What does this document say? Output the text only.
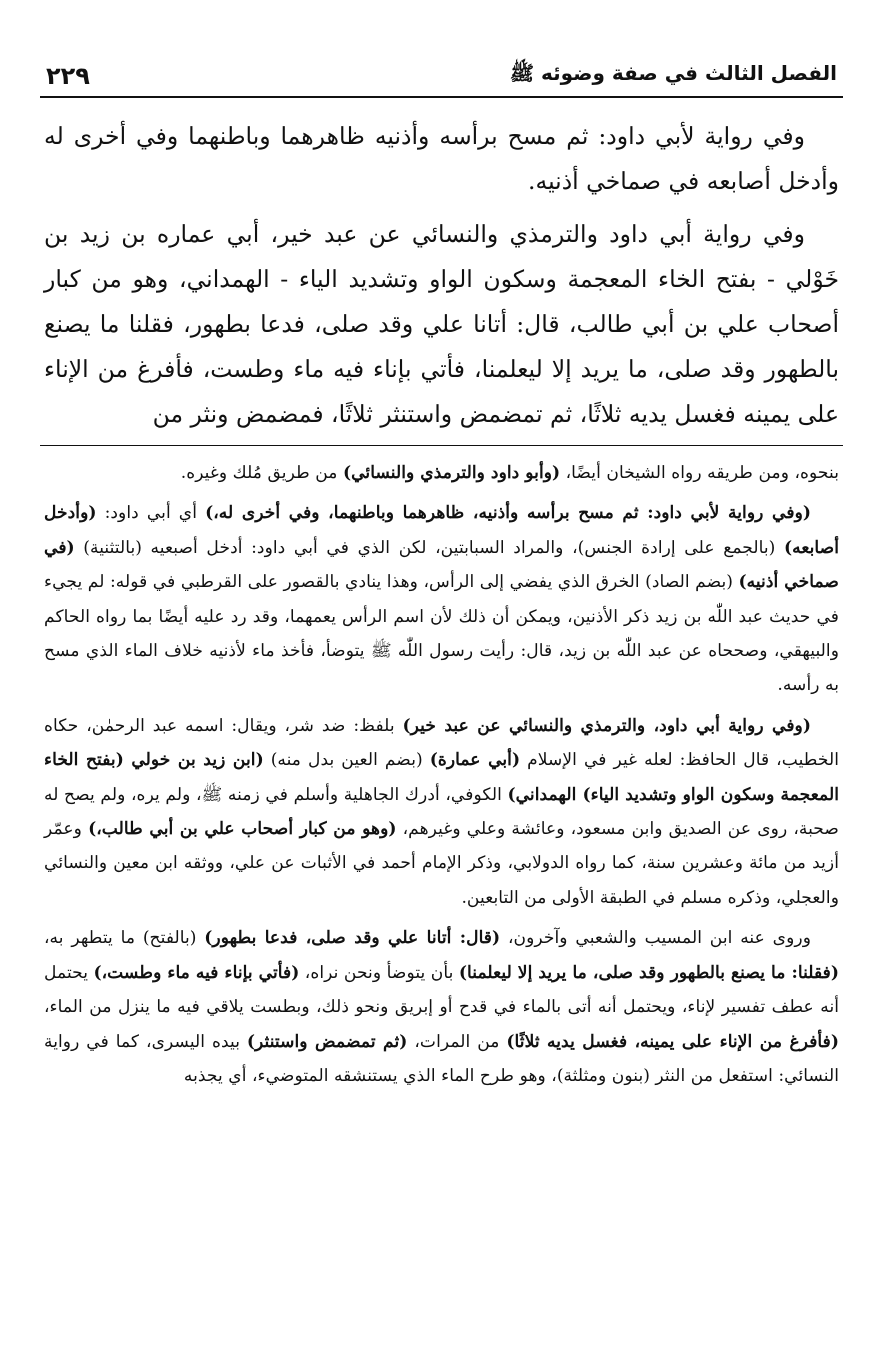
الفصل الثالث في صفة وضوئه ﷺ
٢٢٩

وفي رواية لأبي داود: ثم مسح برأسه وأذنيه ظاهرهما وباطنهما وفي أخرى له وأدخل أصابعه في صماخي أذنيه.

وفي رواية أبي داود والترمذي والنسائي عن عبد خير، أبي عماره بن زيد بن خَوْلي - بفتح الخاء المعجمة وسكون الواو وتشديد الياء - الهمداني، وهو من كبار أصحاب علي بن أبي طالب، قال: أتانا علي وقد صلى، فدعا بطهور، فقلنا ما يصنع بالطهور وقد صلى، ما يريد إلا ليعلمنا، فأتي بإناء فيه ماء وطست، فأفرغ من الإناء على يمينه فغسل يديه ثلاثًا، ثم تمضمض واستنثر ثلاثًا، فمضمض ونثر من

بنحوه، ومن طريقه رواه الشيخان أيضًا، (وأبو داود والترمذي والنسائي) من طريق مُلك وغيره.

(وفي رواية لأبي داود: ثم مسح برأسه وأذنيه، ظاهرهما وباطنهما، وفي أخرى له،) أي أبي داود: (وأدخل أصابعه) (بالجمع على إرادة الجنس)، والمراد السبابتين، لكن الذي في أبي داود: أدخل أصبعيه (بالتثنية) (في صماخي أذنيه) (بضم الصاد) الخرق الذي يفضي إلى الرأس، وهذا ينادي بالقصور على القرطبي في قوله: لم يجيء في حديث عبد اللّٰه بن زيد ذكر الأذنين، ويمكن أن ذلك لأن اسم الرأس يعمهما، وقد رد عليه أيضًا بما رواه الحاكم والبيهقي، وصححاه عن عبد اللّٰه بن زيد، قال: رأيت رسول اللّٰه ﷺ يتوضأ، فأخذ ماء لأذنيه خلاف الماء الذي مسح به رأسه.

(وفي رواية أبي داود، والترمذي والنسائي عن عبد خير) بلفظ: ضد شر، ويقال: اسمه عبد الرحمٰن، حكاه الخطيب، قال الحافظ: لعله غير في الإسلام (أبي عمارة) (بضم العين بدل منه) (ابن زيد بن خولي (بفتح الخاء المعجمة وسكون الواو وتشديد الياء) الهمداني) الكوفي، أدرك الجاهلية وأسلم في زمنه ﷺ، ولم يره، ولم يصح له صحبة، روى عن الصديق وابن مسعود، وعائشة وعلي وغيرهم، (وهو من كبار أصحاب علي بن أبي طالب،) وعمّر أزيد من مائة وعشرين سنة، كما رواه الدولابي، وذكر الإمام أحمد في الأثبات عن علي، ووثقه ابن معين والنسائي والعجلي، وذكره مسلم في الطبقة الأولى من التابعين.

وروى عنه ابن المسيب والشعبي وآخرون، (قال: أتانا علي وقد صلى، فدعا بطهور) (بالفتح) ما يتطهر به، (فقلنا: ما يصنع بالطهور وقد صلى، ما يريد إلا ليعلمنا) بأن يتوضأ ونحن نراه، (فأتي بإناء فيه ماء وطست،) يحتمل أنه عطف تفسير لإناء، ويحتمل أنه أتى بالماء في قدح أو إبريق ونحو ذلك، وبطست يلاقي فيه ما ينزل من الماء، (فأفرغ من الإناء على يمينه، فغسل يديه ثلاثًا) من المرات، (ثم تمضمض واستنثر) بيده اليسرى، كما في رواية النسائي: استفعل من النثر (بنون ومثلثة)، وهو طرح الماء الذي يستنشقه المتوضيء، أي يجذبه
